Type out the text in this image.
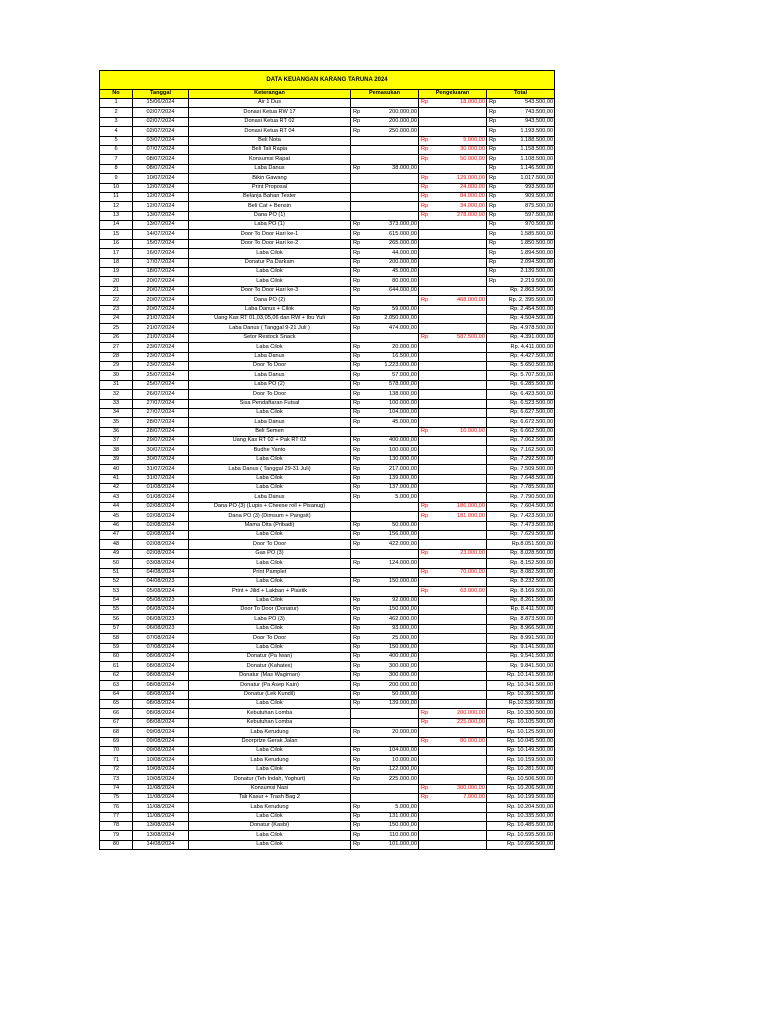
DATA KEUANGAN KARANG TARUNA 2024								
No	Tanggal	Keterangan	Pemasukan		Pengeluaran		Total	
1	15/06/2024	Air 1 Dus			Rp	18.000,00	Rp	543.500,00
2	02/07/2024	Donasi Ketua RW 17	Rp	200.000,00			Rp	743.500,00
3	02/07/2024	Donasi Ketua RT 02	Rp	200.000,00			Rp	943.500,00
4	02/07/2024	Donasi Ketua RT 04	Rp	250.000,00			Rp	1.193.500,00
5	03/07/2024	Beli Nota			Rp	5.000,00	Rp	1.188.500,00
6	07/07/2024	Beli Tali Rapia			Rp	30.000,00	Rp	1.158.500,00
7	08/07/2024	Konsumsi Rapat			Rp	50.000,00	Rp	1.108.500,00
8	08/07/2024	Laba Danus	Rp	38.000,00			Rp	1.146.500,00
9	10/07/2024	Bikin Gawang			Rp	129.000,00	Rp	1.017.500,00
10	12/07/2024	Print Proposal			Rp	24.000,00	Rp	993.500,00
11	12/07/2024	Belanja Bahan Tester			Rp	84.000,00	Rp	909.500,00
12	12/07/2024	Beli Cat + Bensin			Rp	34.000,00	Rp	875.500,00
13	13/07/2024	Dana PO (1)			Rp	278.000,00	Rp	597.500,00
14	13/07/2024	Laba PO (1)	Rp	373.000,00			Rp	970.500,00
15	14/07/2024	Door To Door Hari ke-1	Rp	615.000,00			Rp	1.585.500,00
16	15/07/2024	Door To Door Hari ke-2	Rp	265.000,00			Rp	1.850.500,00
17	16/07/2024	Laba Cilok	Rp	44.000,00			Rp	1.894.500,00
18	17/07/2024	Donatur Pa Darkam	Rp	200.000,00			Rp	2.094.500,00
19	18/07/2024	Laba Cilok	Rp	45.000,00			Rp	2.139.500,00
20	20/07/2024	Laba Cilok	Rp	80.000,00			Rp	2.219.500,00
21	20/07/2024	Door To Door Hari ke-3	Rp	644.000,00			Rp. 2.863.500,00	
22	20/07/2024	Dana PO (2)			Rp	468.000,00	Rp. 2. 395.500,00	
23	20/07/2024	Laba Danus + Cilok	Rp	59.000,00			Rp. 2.454.500,00	
24	21/07/2024	Uang Kas RT 01,03,05,06 dan RW + Ibu Yuli	Rp	2.050.000,00			Rp. 4.504.500,00	
25	21/07/2024	Laba Danus ( Tanggal 9-21 Juli )	Rp	474.000,00			Rp. 4.978.500,00	
26	21/07/2024	Setor Restock Snack			Rp	587.500,00	Rp. 4.391.000,00	
27	23/07/2024	Laba Cilok	Rp	20.000,00			Rp. 4.411.000,00	
28	23/07/2024	Laba Danus	Rp	16.500,00			Rp. 4.427.500,00	
29	23/07/2024	Door To Door	Rp	1.223.000,00			Rp. 5.650.500,00	
30	25/07/2024	Laba Danus	Rp	57.000,00			Rp. 5.707.500,00	
31	25/07/2024	Laba PO (2)	Rp	578.000,00			Rp. 6.285.500,00	
32	26/07/2024	Door To Door	Rp	138.000,00			Rp. 6.423.500,00	
33	27/07/2024	Sisa Pendaftaran Futsal	Rp	100.000,00			Rp. 6.523.500,00	
34	27/07/2024	Laba Cilok	Rp	104.000,00			Rp. 6.627.500,00	
35	28/07/2024	Laba Danus	Rp	45.000,00			Rp. 6.672.500,00	
36	28/07/2024	Beli Semen			Rp	10.000,00	Rp. 6.662.500,00	
37	29/07/2024	Uang Kas RT 02 + Pak RT 02	Rp	400.000,00			Rp. 7.062.500,00	
38	30/07/2024	Budhe Yanto	Rp	100.000,00			Rp. 7.162.500,00	
39	30/07/2024	Laba Cilok	Rp	130.000,00			Rp. 7.292.500,00	
40	31/07/2024	Laba Danus ( Tanggal 29-31 Juli)	Rp	217.000,00			Rp. 7.509.500,00	
41	31/07/2024	Laba Cilok	Rp	139.000,00			Rp. 7.648.500,00	
42	01/08/2024	Laba Cilok	Rp	137.000,00			Rp. 7.785.500,00	
43	01/08/2024	Laba Danus	Rp	5.000,00			Rp. 7.790.500,00	
44	02/08/2024	Dana PO (3) (Lupis + Cheese roll + Pisanug)			Rp	186.000,00	Rp. 7.604.500,00	
45	02/08/2024	Dana PO (3) (Dimsum + Pangsit)			Rp	181.000,00	Rp. 7.423.500,00	
46	02/08/2024	Mama Dita (Pribadi)	Rp	50.000,00			Rp. 7.473.500,00	
47	02/08/2024	Laba Cilok	Rp	156.000,00			Rp. 7.629.500,00	
48	02/08/2024	Door To Door	Rp	422.000,00			Rp.8.051.500,00	
49	02/08/2024	Gas PO (3)			Rp	23.000,00	Rp. 8.028.500,00	
50	03/08/2024	Laba Cilok	Rp	124.000,00			Rp. 8.152.500,00	
51	04/08/2024	Print Pamplet			Rp	70.000,00	Rp. 8.082.500,00	
52	04/08/2023	Laba Cilok	Rp	150.000,00			Rp. 8.232.500,00	
53	05/08/2024	Print + Jilid + Lakban + Plastik			Rp	63.000,00	Rp. 8.169.500,00	
54	05/08/2023	Laba Cilok	Rp	92.000,00			Rp. 8.261.500,00	
55	06/08/2024	Door To Door (Donatur)	Rp	150.000,00			Rp. 8.411.500,00	
56	06/08/2023	Laba PO (3)	Rp	462.000,00			Rp. 8.873.500,00	
57	06/08/2023	Laba Cilok	Rp	93.000,00			Rp. 8.966.500,00	
58	07/08/2024	Door To Door	Rp	25.000,00			Rp. 8.991.500,00	
59	07/08/2024	Laba Cilok	Rp	150.000,00			Rp. 9.141.500,00	
60	08/08/2024	Donatur (Pa Iwan)	Rp	400.000,00			Rp. 9.541.500,00	
61	08/08/2024	Donatur (Kahatex)	Rp	300.000,00			Rp. 9.841.500,00	
62	08/08/2024	Donatur (Mas Wagiman)	Rp	300.000,00			Rp. 10.141.500,00	
63	08/08/2024	Donatur (Pa Asep Kain)	Rp	200.000,00			Rp. 10.341.500,00	
64	08/08/2024	Donatur (Lek Kundil)	Rp	50.000,00			Rp. 10.391.500,00	
65	08/08/2024	Laba Cilok	Rp	139.000,00			Rp.10.530.500,00	
66	08/08/2024	Kebutuhan Lomba			Rp	200.000,00	Rp. 10.330.500,00	
67	08/08/2024	Kebutuhan Lomba			Rp	225.000,00	Rp. 10.105.500,00	
68	09/08/2024	Laba Kerudung	Rp	20.000,00			Rp. 10.125.500,00	
69	09/08/2024	Doorprize Gerak Jalan			Rp	80.000,00	Rp. 10.045.500,00	
70	09/08/2024	Laba Cilok	Rp	104.000,00			Rp. 10.149.500,00	
71	10/08/2024	Laba Kerudung	Rp	10.000,00			Rp. 10.159.500,00	
72	10/08/2024	Laba Cilok	Rp	122.000,00			Rp. 10.281.500,00	
73	10/08/2024	Donatur (Teh Indah, Yoghurt)	Rp	225.000,00			Rp. 10.506.500,00	
74	11/08/2024	Konsumsi Nasi			Rp	300.000,00	Rp. 10.206.500,00	
75	11/08/2024	Tali Kasur + Trash Bag 2			Rp	7.000,00	Rp. 10.199.500,00	
76	11/08/2024	Laba Kerudung	Rp	5.000,00			Rp. 10.204.500,00	
77	11/08/2024	Laba Cilok	Rp	131.000,00			Rp. 10.335.500,00	
78	13/08/2024	Donatur (Kasbi)	Rp	150.000,00			Rp. 10.485.500,00	
79	13/08/2024	Laba Cilok	Rp	110.000,00			Rp. 10.595.500,00	
80	14/08/2024	Laba Cilok	Rp	101.000,00			Rp. 10.696.500,00	
